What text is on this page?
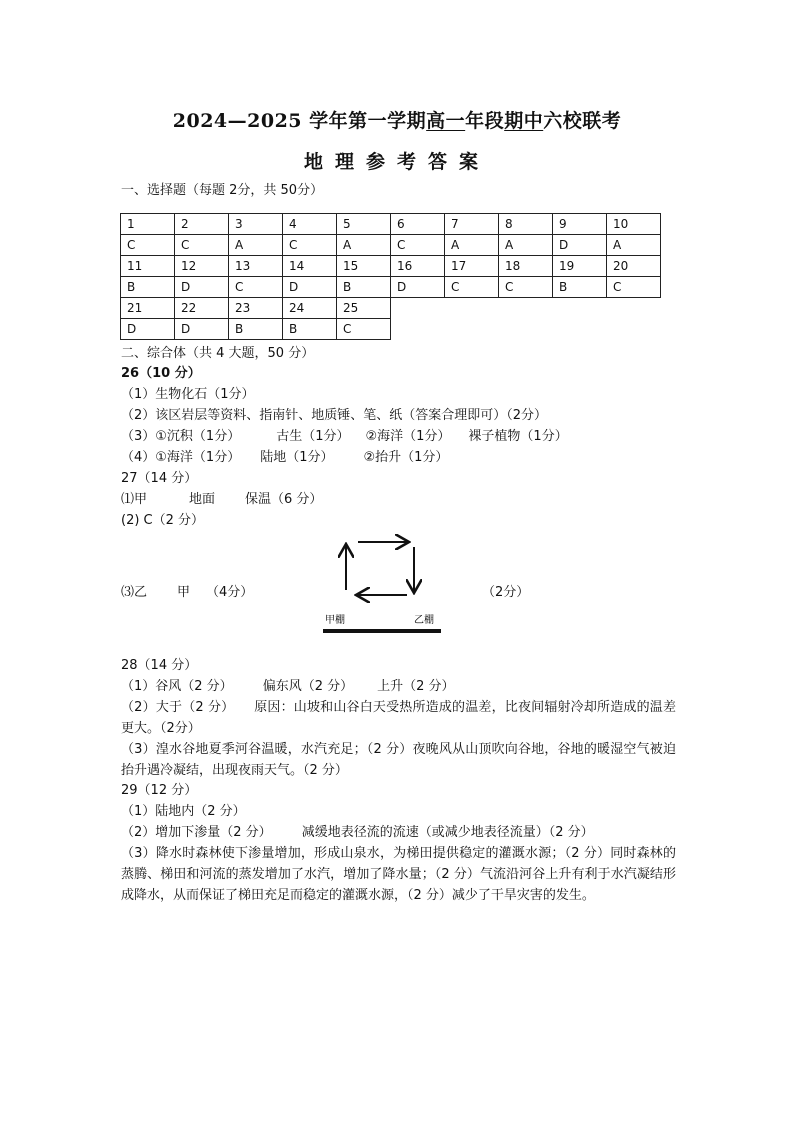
2024—2025 学年第一学期高一年段期中六校联考
地理参考答案
一、选择题（每题 2分，共 50分）
1	2	3	4	5	6	7	8	9	10
C	C	A	C	A	C	A	A	D	A
11	12	13	14	15	16	17	18	19	20
B	D	C	D	B	D	C	C	B	C
21	22	23	24	25					
D	D	B	B	C					
二、综合体（共 4 大题，50 分）
26（10 分）
（1）生物化石（1分）
（2）该区岩层等资料、指南针、地质锤、笔、纸（答案合理即可）（2分）
（3）①沉积（1分）	古生（1分） ②海洋（1分） 裸子植物（1分）
（4）①海洋（1分） 陆地（1分） ②抬升（1分）
27（14 分）
⑴甲	地面 保温（6 分）
(2) C（2 分）
⑶乙 甲 （4分）	（2分）
甲棚	乙棚
28（14 分）
（1）谷风（2 分） 偏东风（2 分） 上升（2 分）
（2）大于（2 分）　　原因：山坡和山谷白天受热所造成的温差，比夜间辐射冷却所造成的温差更大。（2分）
（3）湟水谷地夏季河谷温暖，水汽充足；（2 分）夜晚风从山顶吹向谷地，谷地的暖湿空气被迫抬升遇冷凝结，出现夜雨天气。（2 分）
29（12 分）
（1）陆地内（2 分）
（2）增加下渗量（2 分） 减缓地表径流的流速（或减少地表径流量）（2 分）
（3）降水时森林使下渗量增加，形成山泉水，为梯田提供稳定的灌溉水源；（2 分）同时森林的蒸腾、梯田和河流的蒸发增加了水汽，增加了降水量；（2 分）气流沿河谷上升有利于水汽凝结形成降水，从而保证了梯田充足而稳定的灌溉水源，（2 分）减少了干旱灾害的发生。
